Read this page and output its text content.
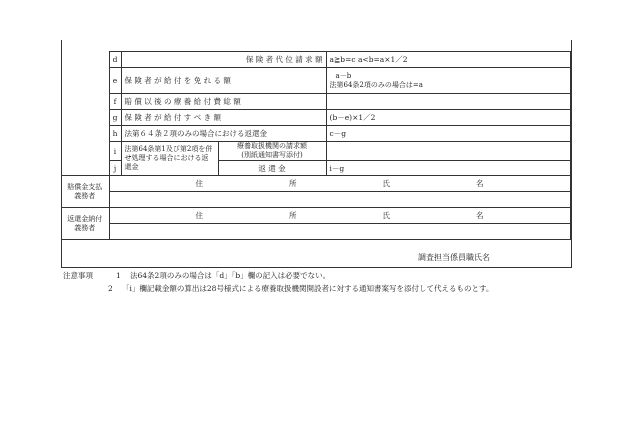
	d	保 険 者 代 位 請 求 額		a≧b=c a<b=a×1／2
	e	保 険 者 が 給 付 を 免 れ る 額		a－b
法第64条2項のみの場合は=a

	f	賠 償 以 後 の 療 養 給 付 費 総 額		
	g	保 険 者 が 給 付 す べ き 額		(b－e)×1／2
	h	法第６４条２項のみの場合における返還金		c－g
	i	法第64条第1及び第2項を併せ処理する場合における返還金	療養取扱機関の請求額
(別紙通知書写添付)	

	j		返 還 金	i－g
賠償金支払義務者	住 所 氏 名			

返還金納付義務者	住 所 氏 名			

調査担当係員職氏名
注意事項	1	法64条2項のみの場合は「d」「b」欄の記入は必要でない。
2	「i」欄記載金額の算出は28号様式による療養取扱機関開設者に対する通知書案写を添付して代えるものとす。
